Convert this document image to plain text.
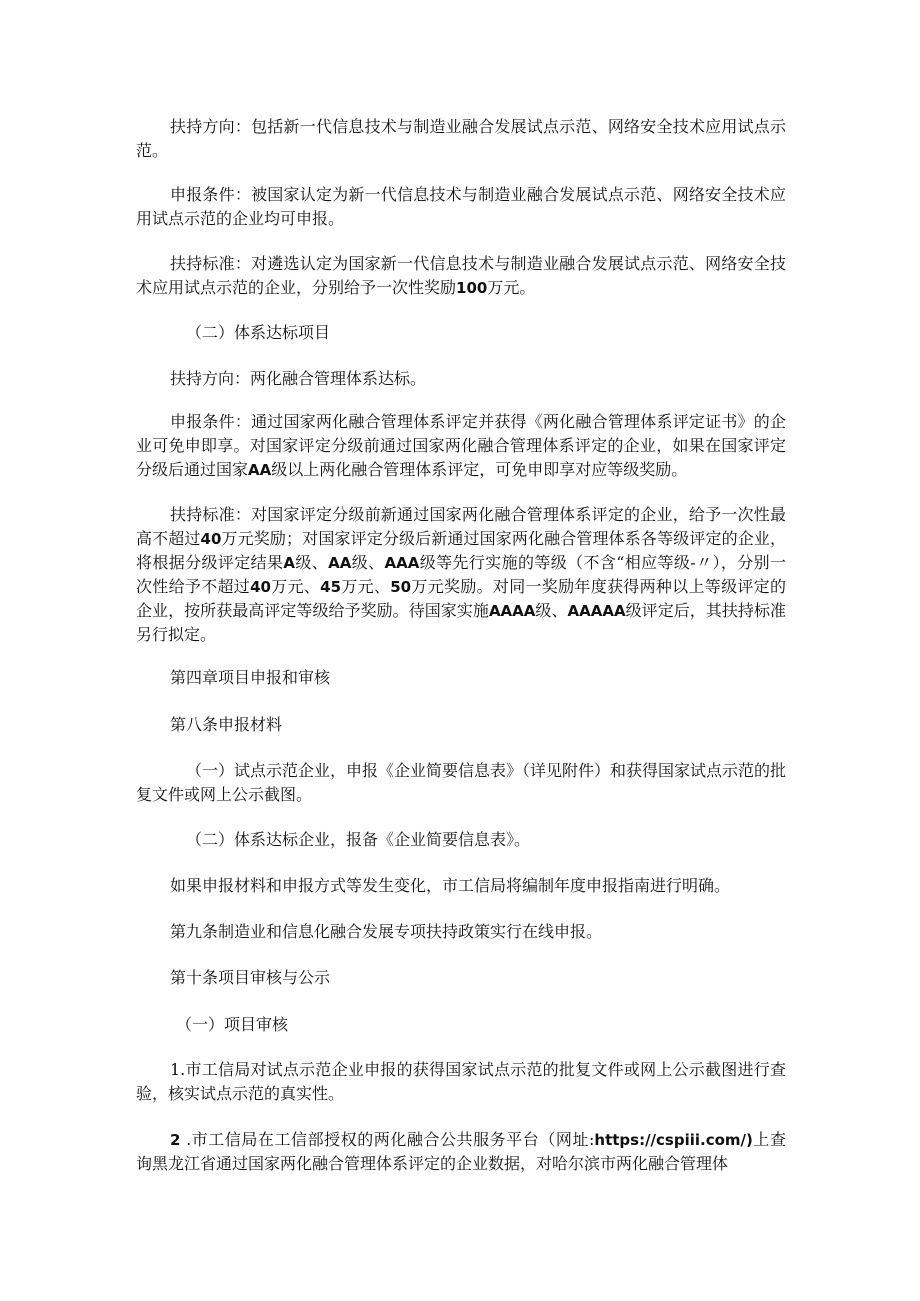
扶持方向：包括新一代信息技术与制造业融合发展试点示范、网络安全技术应用试点示范。

申报条件：被国家认定为新一代信息技术与制造业融合发展试点示范、网络安全技术应用试点示范的企业均可申报。

扶持标准：对遴选认定为国家新一代信息技术与制造业融合发展试点示范、网络安全技术应用试点示范的企业，分别给予一次性奖励100万元。

（二）体系达标项目

扶持方向：两化融合管理体系达标。

申报条件：通过国家两化融合管理体系评定并获得《两化融合管理体系评定证书》的企业可免申即享。对国家评定分级前通过国家两化融合管理体系评定的企业，如果在国家评定分级后通过国家AA级以上两化融合管理体系评定，可免申即享对应等级奖励。

扶持标准：对国家评定分级前新通过国家两化融合管理体系评定的企业，给予一次性最高不超过40万元奖励；对国家评定分级后新通过国家两化融合管理体系各等级评定的企业，将根据分级评定结果A级、AA级、AAA级等先行实施的等级（不含“相应等级-〃），分别一次性给予不超过40万元、45万元、50万元奖励。对同一奖励年度获得两种以上等级评定的企业，按所获最高评定等级给予奖励。待国家实施AAAA级、AAAAA级评定后，其扶持标准另行拟定。

第四章项目申报和审核

第八条申报材料

（一）试点示范企业，申报《企业简要信息表》（详见附件）和获得国家试点示范的批复文件或网上公示截图。

（二）体系达标企业，报备《企业简要信息表》。

如果申报材料和申报方式等发生变化，市工信局将编制年度申报指南进行明确。

第九条制造业和信息化融合发展专项扶持政策实行在线申报。

第十条项目审核与公示

（一）项目审核

1.市工信局对试点示范企业申报的获得国家试点示范的批复文件或网上公示截图进行查验，核实试点示范的真实性。

2 .市工信局在工信部授权的两化融合公共服务平台（网址:https://cspiii.com/)上查询黑龙江省通过国家两化融合管理体系评定的企业数据，对哈尔滨市两化融合管理体
